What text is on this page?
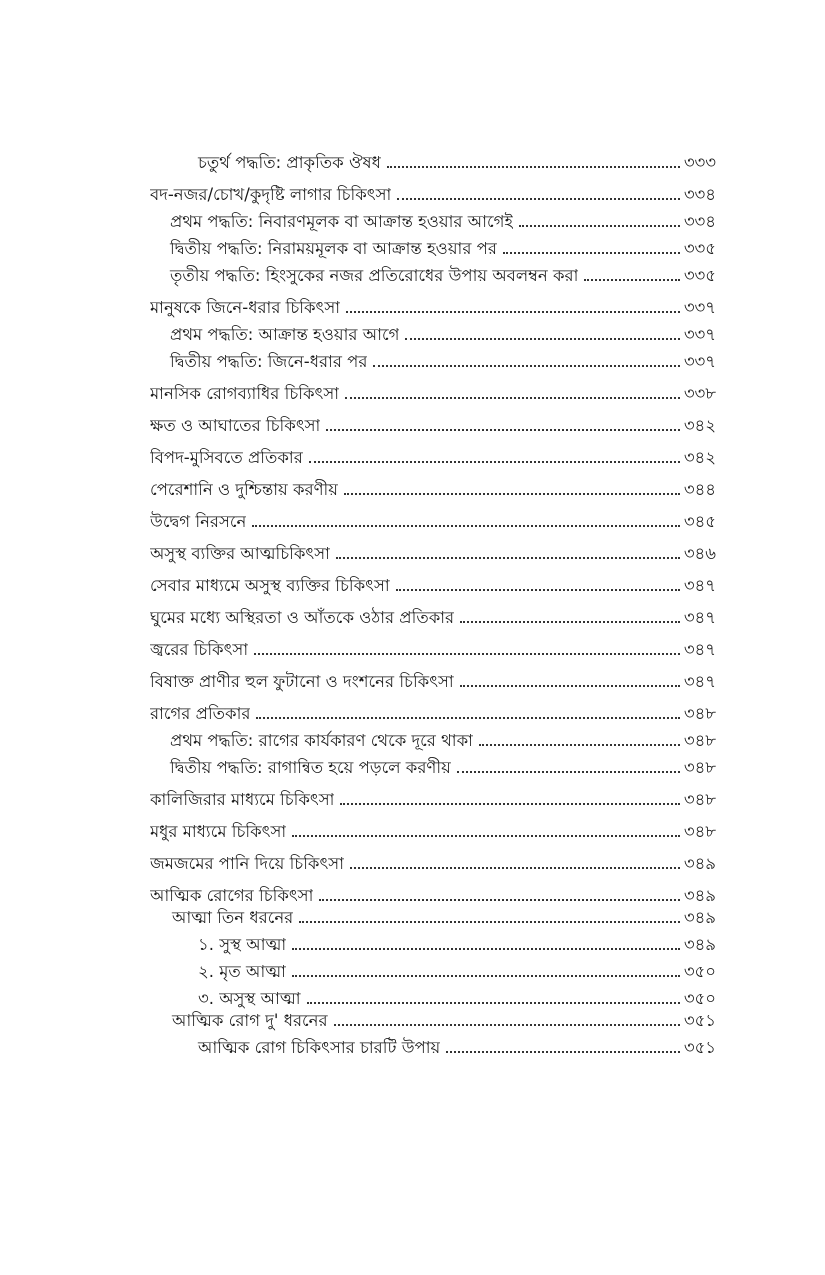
চতুর্থ পদ্ধতি: প্রাকৃতিক ঔষধ	৩৩৩
বদ-নজর/চোখ/কুদৃষ্টি লাগার চিকিৎসা	৩৩৪
প্রথম পদ্ধতি: নিবারণমূলক বা আক্রান্ত হওয়ার আগেই	৩৩৪
দ্বিতীয় পদ্ধতি: নিরাময়মূলক বা আক্রান্ত হওয়ার পর	৩৩৫
তৃতীয় পদ্ধতি: হিংসুকের নজর প্রতিরোধের উপায় অবলম্বন করা	৩৩৫
মানুষকে জিনে-ধরার চিকিৎসা	৩৩৭
প্রথম পদ্ধতি: আক্রান্ত হওয়ার আগে	৩৩৭
দ্বিতীয় পদ্ধতি: জিনে-ধরার পর	৩৩৭
মানসিক রোগব্যাধির চিকিৎসা	৩৩৮
ক্ষত ও আঘাতের চিকিৎসা	৩৪২
বিপদ-মুসিবতে প্রতিকার	৩৪২
পেরেশানি ও দুশ্চিন্তায় করণীয়	৩৪৪
উদ্বেগ নিরসনে	৩৪৫
অসুস্থ ব্যক্তির আত্মচিকিৎসা	৩৪৬
সেবার মাধ্যমে অসুস্থ ব্যক্তির চিকিৎসা	৩৪৭
ঘুমের মধ্যে অস্থিরতা ও আঁতকে ওঠার প্রতিকার	৩৪৭
জ্বরের চিকিৎসা	৩৪৭
বিষাক্ত প্রাণীর হুল ফুটানো ও দংশনের চিকিৎসা	৩৪৭
রাগের প্রতিকার	৩৪৮
প্রথম পদ্ধতি: রাগের কার্যকারণ থেকে দূরে থাকা	৩৪৮
দ্বিতীয় পদ্ধতি: রাগান্বিত হয়ে পড়লে করণীয়	৩৪৮
কালিজিরার মাধ্যমে চিকিৎসা	৩৪৮
মধুর মাধ্যমে চিকিৎসা	৩৪৮
জমজমের পানি দিয়ে চিকিৎসা	৩৪৯
আত্মিক রোগের চিকিৎসা	৩৪৯
আত্মা তিন ধরনের	৩৪৯
১. সুস্থ আত্মা	৩৪৯
২. মৃত আত্মা	৩৫০
৩. অসুস্থ আত্মা	৩৫০
আত্মিক রোগ দু' ধরনের	৩৫১
আত্মিক রোগ চিকিৎসার চারটি উপায়	৩৫১
